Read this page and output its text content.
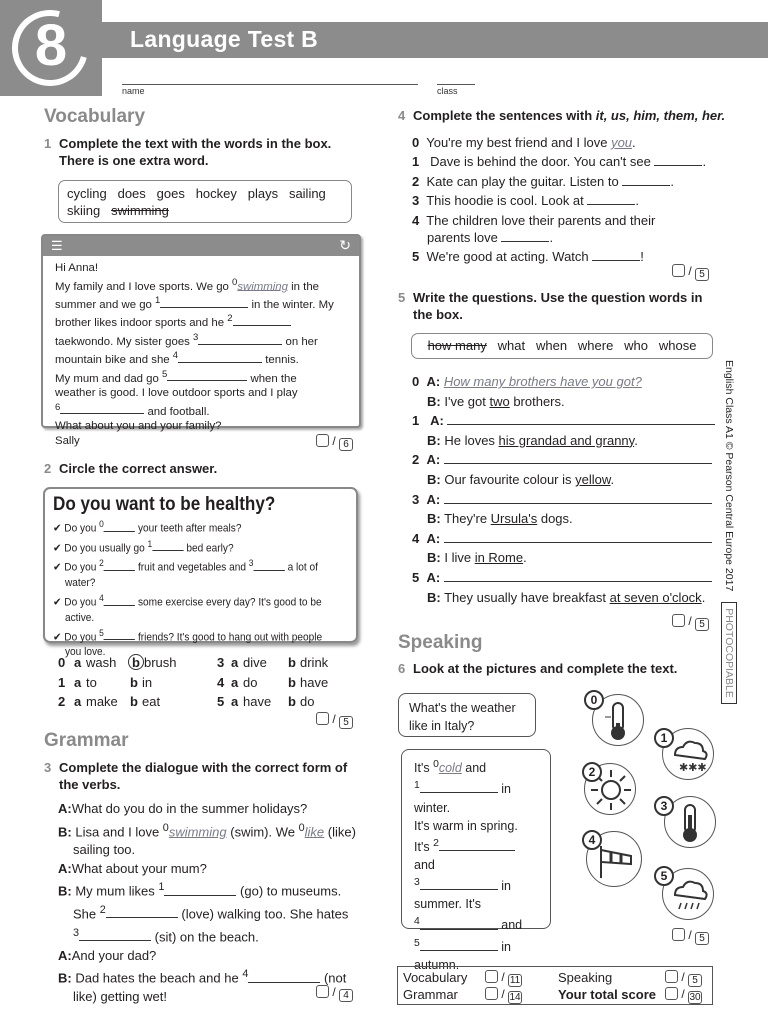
8	Language Test B
name	class
Vocabulary
1 Complete the text with the words in the box. There is one extra word.
cycling does goes hockey plays sailing
skiing swimming
☰	↻
Hi Anna!
My family and I love sports. We go $^0$swimming in the
summer and we go $^1$	in the winter. My
brother likes indoor sports and he $^2$
taekwondo. My sister goes $^3$	on her
mountain bike and she $^4$	tennis.
My mum and dad go $^5$	when the
weather is good. I love outdoor sports and I play
$^6$	and football.
What about you and your family?
Sally	/ 6
2 Circle the correct answer.
Do you want to be healthy?
✔ Do you $^0$	your teeth after meals?
✔ Do you usually go $^1$	bed early?
✔ Do you $^2$	fruit and vegetables and $^3$	a lot of
water?
✔ Do you $^4$	some exercise every day? It's good to be
active.
✔ Do you $^5$	friends? It's good to hang out with people
you love.
0 a wash	b brush	3 a dive b drink
1 a to	b in	4 a do b have
2 a make b eat	5 a have b do
/ 5
Grammar
3 Complete the dialogue with the correct form of the verbs.
A:What do you do in the summer holidays?
B: Lisa and I love $^0$swimming (swim). We $^0$like (like)
sailing too.
A:What about your mum?
B: My mum likes $^1$	(go) to museums.
She $^2$	(love) walking too. She hates
$^3$	(sit) on the beach.
A:And your dad?
B: Dad hates the beach and he $^4$	(not
like) getting wet!	/ 4
4 Complete the sentences with it, us, him, them, her.
0 You're my best friend and I love you.
1 Dave is behind the door. You can't see	.
2 Kate can play the guitar. Listen to	.
3 This hoodie is cool. Look at	.
4 The children love their parents and their
parents love	.
5 We're good at acting. Watch	!
/ 5
5 Write the questions. Use the question words in the box.
how many what when where who whose
0 A: How many brothers have you got?
B: I've got two brothers.
1 A:
B: He loves his grandad and granny.
2 A:
B: Our favourite colour is yellow.
3 A:
B: They're Ursula's dogs.
4 A:
B: I live in Rome.
5 A:
B: They usually have breakfast at seven o'clock.
/ 5
Speaking
6 Look at the pictures and complete the text.
What's the weather like in Italy?
It's $^0$cold and
$^1$	in winter.
It's warm in spring.
It's $^2$ and
$^3$	in
summer. It's
$^4$	and
$^5$	in
autumn.
0
✱✱✱
1
2
3
4
5
/ 5
Vocabulary	/ 11	Speaking	/ 5
Grammar	/ 14	Your total score	/ 30
English Class A1 © Pearson Central Europe 2017 PHOTOCOPIABLE
